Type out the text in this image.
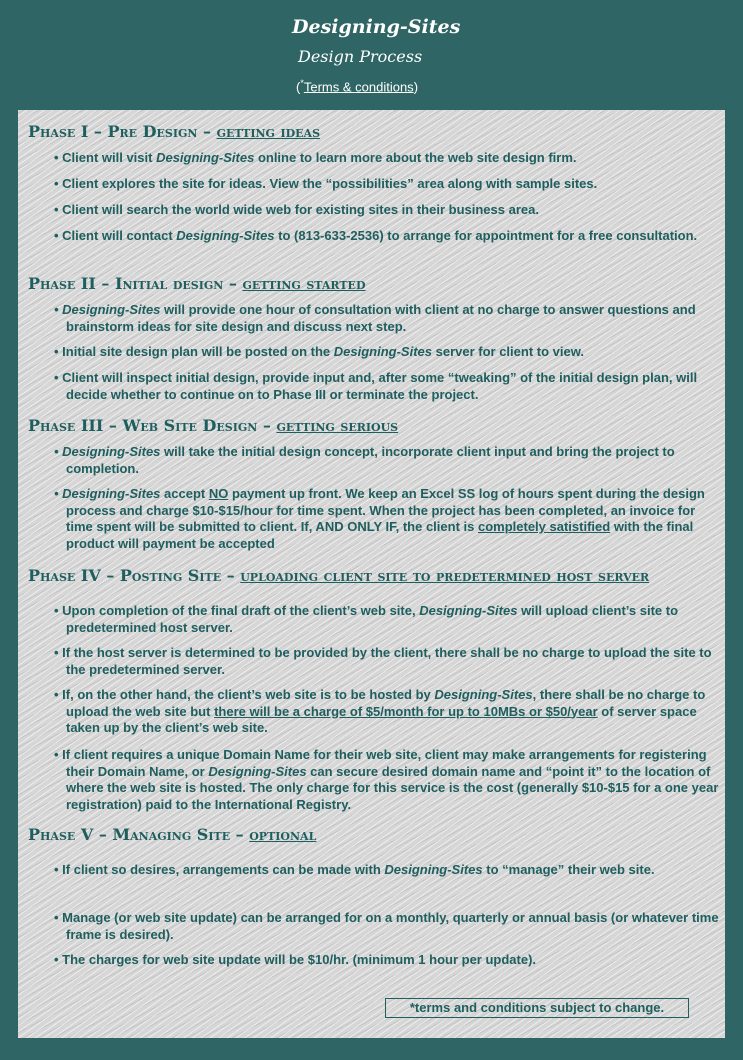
Designing-Sites
Design Process
(*Terms & conditions)
Phase I – Pre Design – getting ideas
• Client will visit Designing-Sites online to learn more about the web site design firm.
• Client explores the site for ideas. View the “possibilities” area along with sample sites.
• Client will search the world wide web for existing sites in their business area.
• Client will contact Designing-Sites to (813-633-2536) to arrange for appointment for a free consultation.
Phase II – Initial design – getting started
• Designing-Sites will provide one hour of consultation with client at no charge to answer questions and brainstorm ideas for site design and discuss next step.
• Initial site design plan will be posted on the Designing-Sites server for client to view.
• Client will inspect initial design, provide input and, after some “tweaking” of the initial design plan, will decide whether to continue on to Phase III or terminate the project.
Phase III – Web Site Design – getting serious
• Designing-Sites will take the initial design concept, incorporate client input and bring the project to completion.
• Designing-Sites accept NO payment up front. We keep an Excel SS log of hours spent during the design process and charge $10-$15/hour for time spent. When the project has been completed, an invoice for time spent will be submitted to client. If, AND ONLY IF, the client is completely satistified with the final product will payment be accepted
Phase IV – Posting Site – uploading client site to predetermined host server
• Upon completion of the final draft of the client’s web site, Designing-Sites will upload client’s site to predetermined host server.
• If the host server is determined to be provided by the client, there shall be no charge to upload the site to the predetermined server.
• If, on the other hand, the client’s web site is to be hosted by Designing-Sites, there shall be no charge to upload the web site but there will be a charge of $5/month for up to 10MBs or $50/year of server space taken up by the client’s web site.
• If client requires a unique Domain Name for their web site, client may make arrangements for registering their Domain Name, or Designing-Sites can secure desired domain name and “point it” to the location of where the web site is hosted. The only charge for this service is the cost (generally $10-$15 for a one year registration) paid to the International Registry.
Phase V – Managing Site – optional
• If client so desires, arrangements can be made with Designing-Sites to “manage” their web site.
• Manage (or web site update) can be arranged for on a monthly, quarterly or annual basis (or whatever time frame is desired).
• The charges for web site update will be $10/hr. (minimum 1 hour per update).
*terms and conditions subject to change.
